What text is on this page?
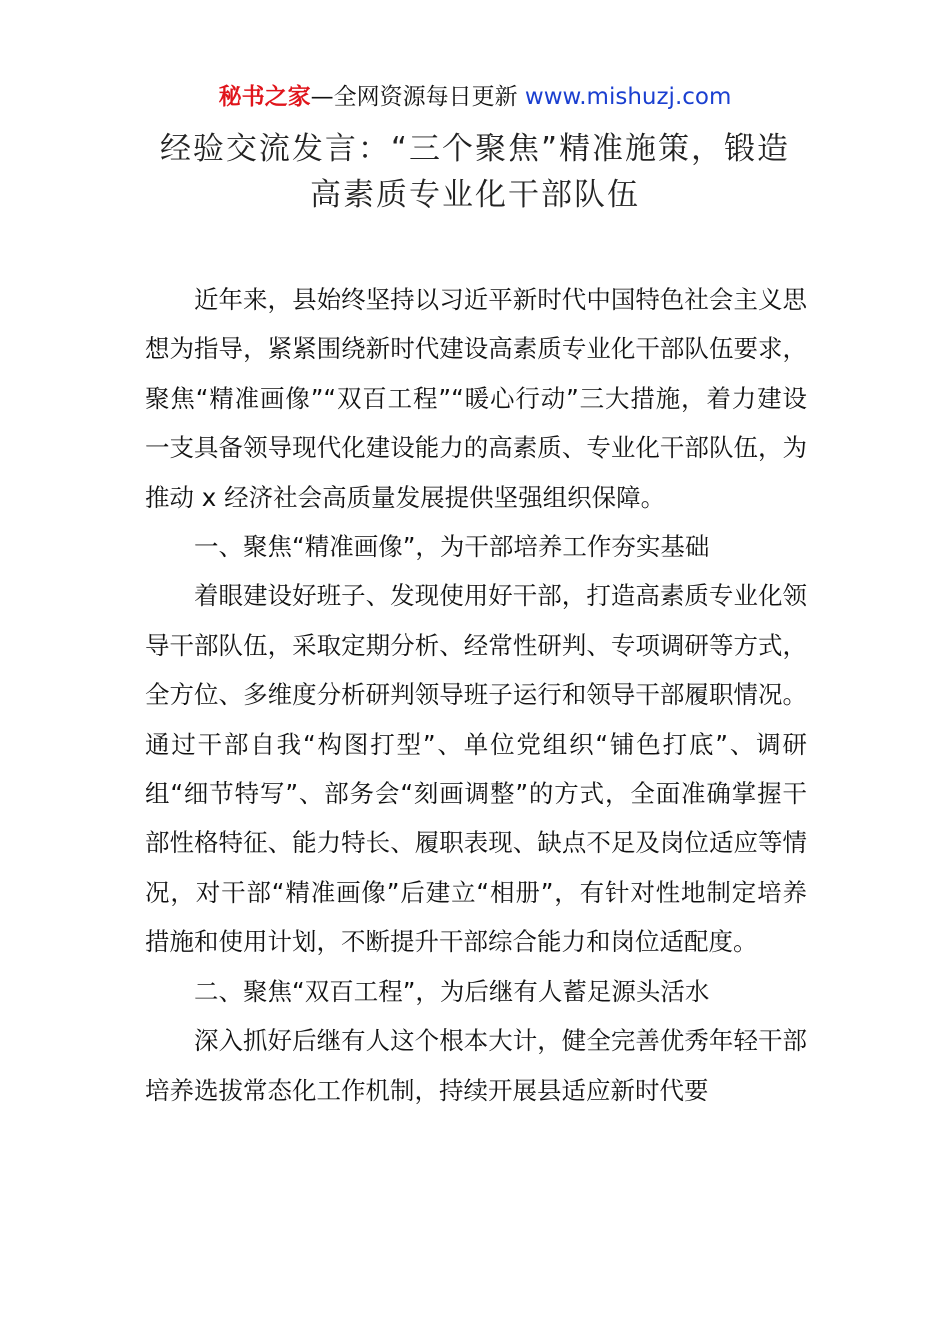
秘书之家—全网资源每日更新 www.mishuzj.com
经验交流发言：“三个聚焦”精准施策，锻造高素质专业化干部队伍

近年来，县始终坚持以习近平新时代中国特色社会主义思想为指导，紧紧围绕新时代建设高素质专业化干部队伍要求，聚焦“精准画像”“双百工程”“暖心行动”三大措施，着力建设一支具备领导现代化建设能力的高素质、专业化干部队伍，为推动 x 经济社会高质量发展提供坚强组织保障。

一、聚焦“精准画像”，为干部培养工作夯实基础

着眼建设好班子、发现使用好干部，打造高素质专业化领导干部队伍，采取定期分析、经常性研判、专项调研等方式，全方位、多维度分析研判领导班子运行和领导干部履职情况。通过干部自我“构图打型”、单位党组织“铺色打底”、调研组“细节特写”、部务会“刻画调整”的方式，全面准确掌握干部性格特征、能力特长、履职表现、缺点不足及岗位适应等情况，对干部“精准画像”后建立“相册”，有针对性地制定培养措施和使用计划，不断提升干部综合能力和岗位适配度。

二、聚焦“双百工程”，为后继有人蓄足源头活水

深入抓好后继有人这个根本大计，健全完善优秀年轻干部培养选拔常态化工作机制，持续开展县适应新时代要
